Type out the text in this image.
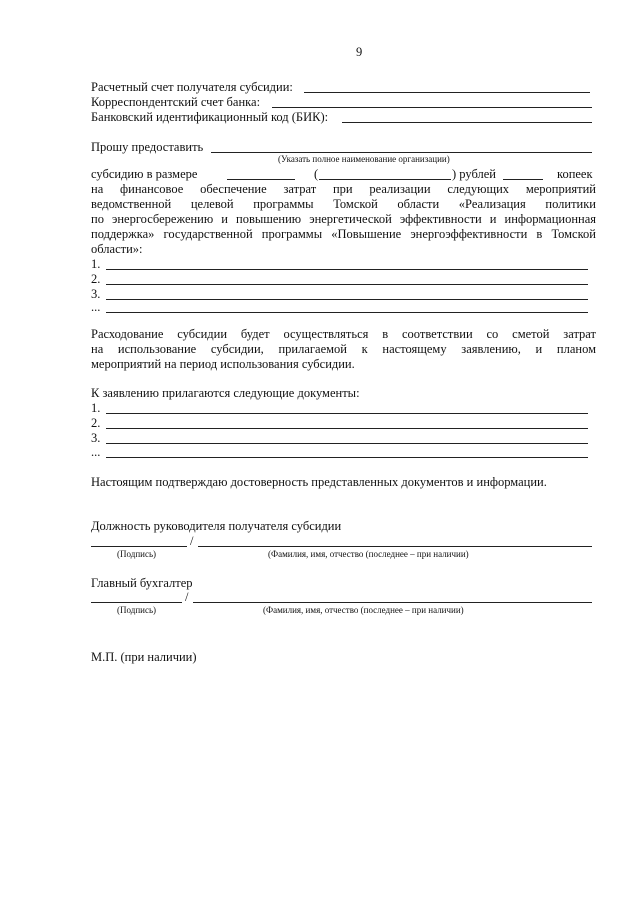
9
Расчетный счет получателя субсидии:
Корреспондентский счет банка:
Банковский идентификационный код (БИК):
Прошу предоставить
(Указать полное наименование организации)
субсидию в размере	(	) рублей	копеек
на финансовое обеспечение затрат при реализации следующих мероприятий
ведомственной целевой программы Томской области «Реализация политики
по энергосбережению и повышению энергетической эффективности и информационная
поддержка» государственной программы «Повышение энергоэффективности в Томской
области»:
1.
2.
3.
...
Расходование субсидии будет осуществляться в соответствии со сметой затрат
на использование субсидии, прилагаемой к настоящему заявлению, и планом
мероприятий на период использования субсидии.
К заявлению прилагаются следующие документы:
1.
2.
3.
...
Настоящим подтверждаю достоверность представленных документов и информации.
Должность руководителя получателя субсидии
/
(Подпись)	(Фамилия, имя, отчество (последнее – при наличии)
Главный бухгалтер
/
(Подпись)	(Фамилия, имя, отчество (последнее – при наличии)
М.П. (при наличии)
